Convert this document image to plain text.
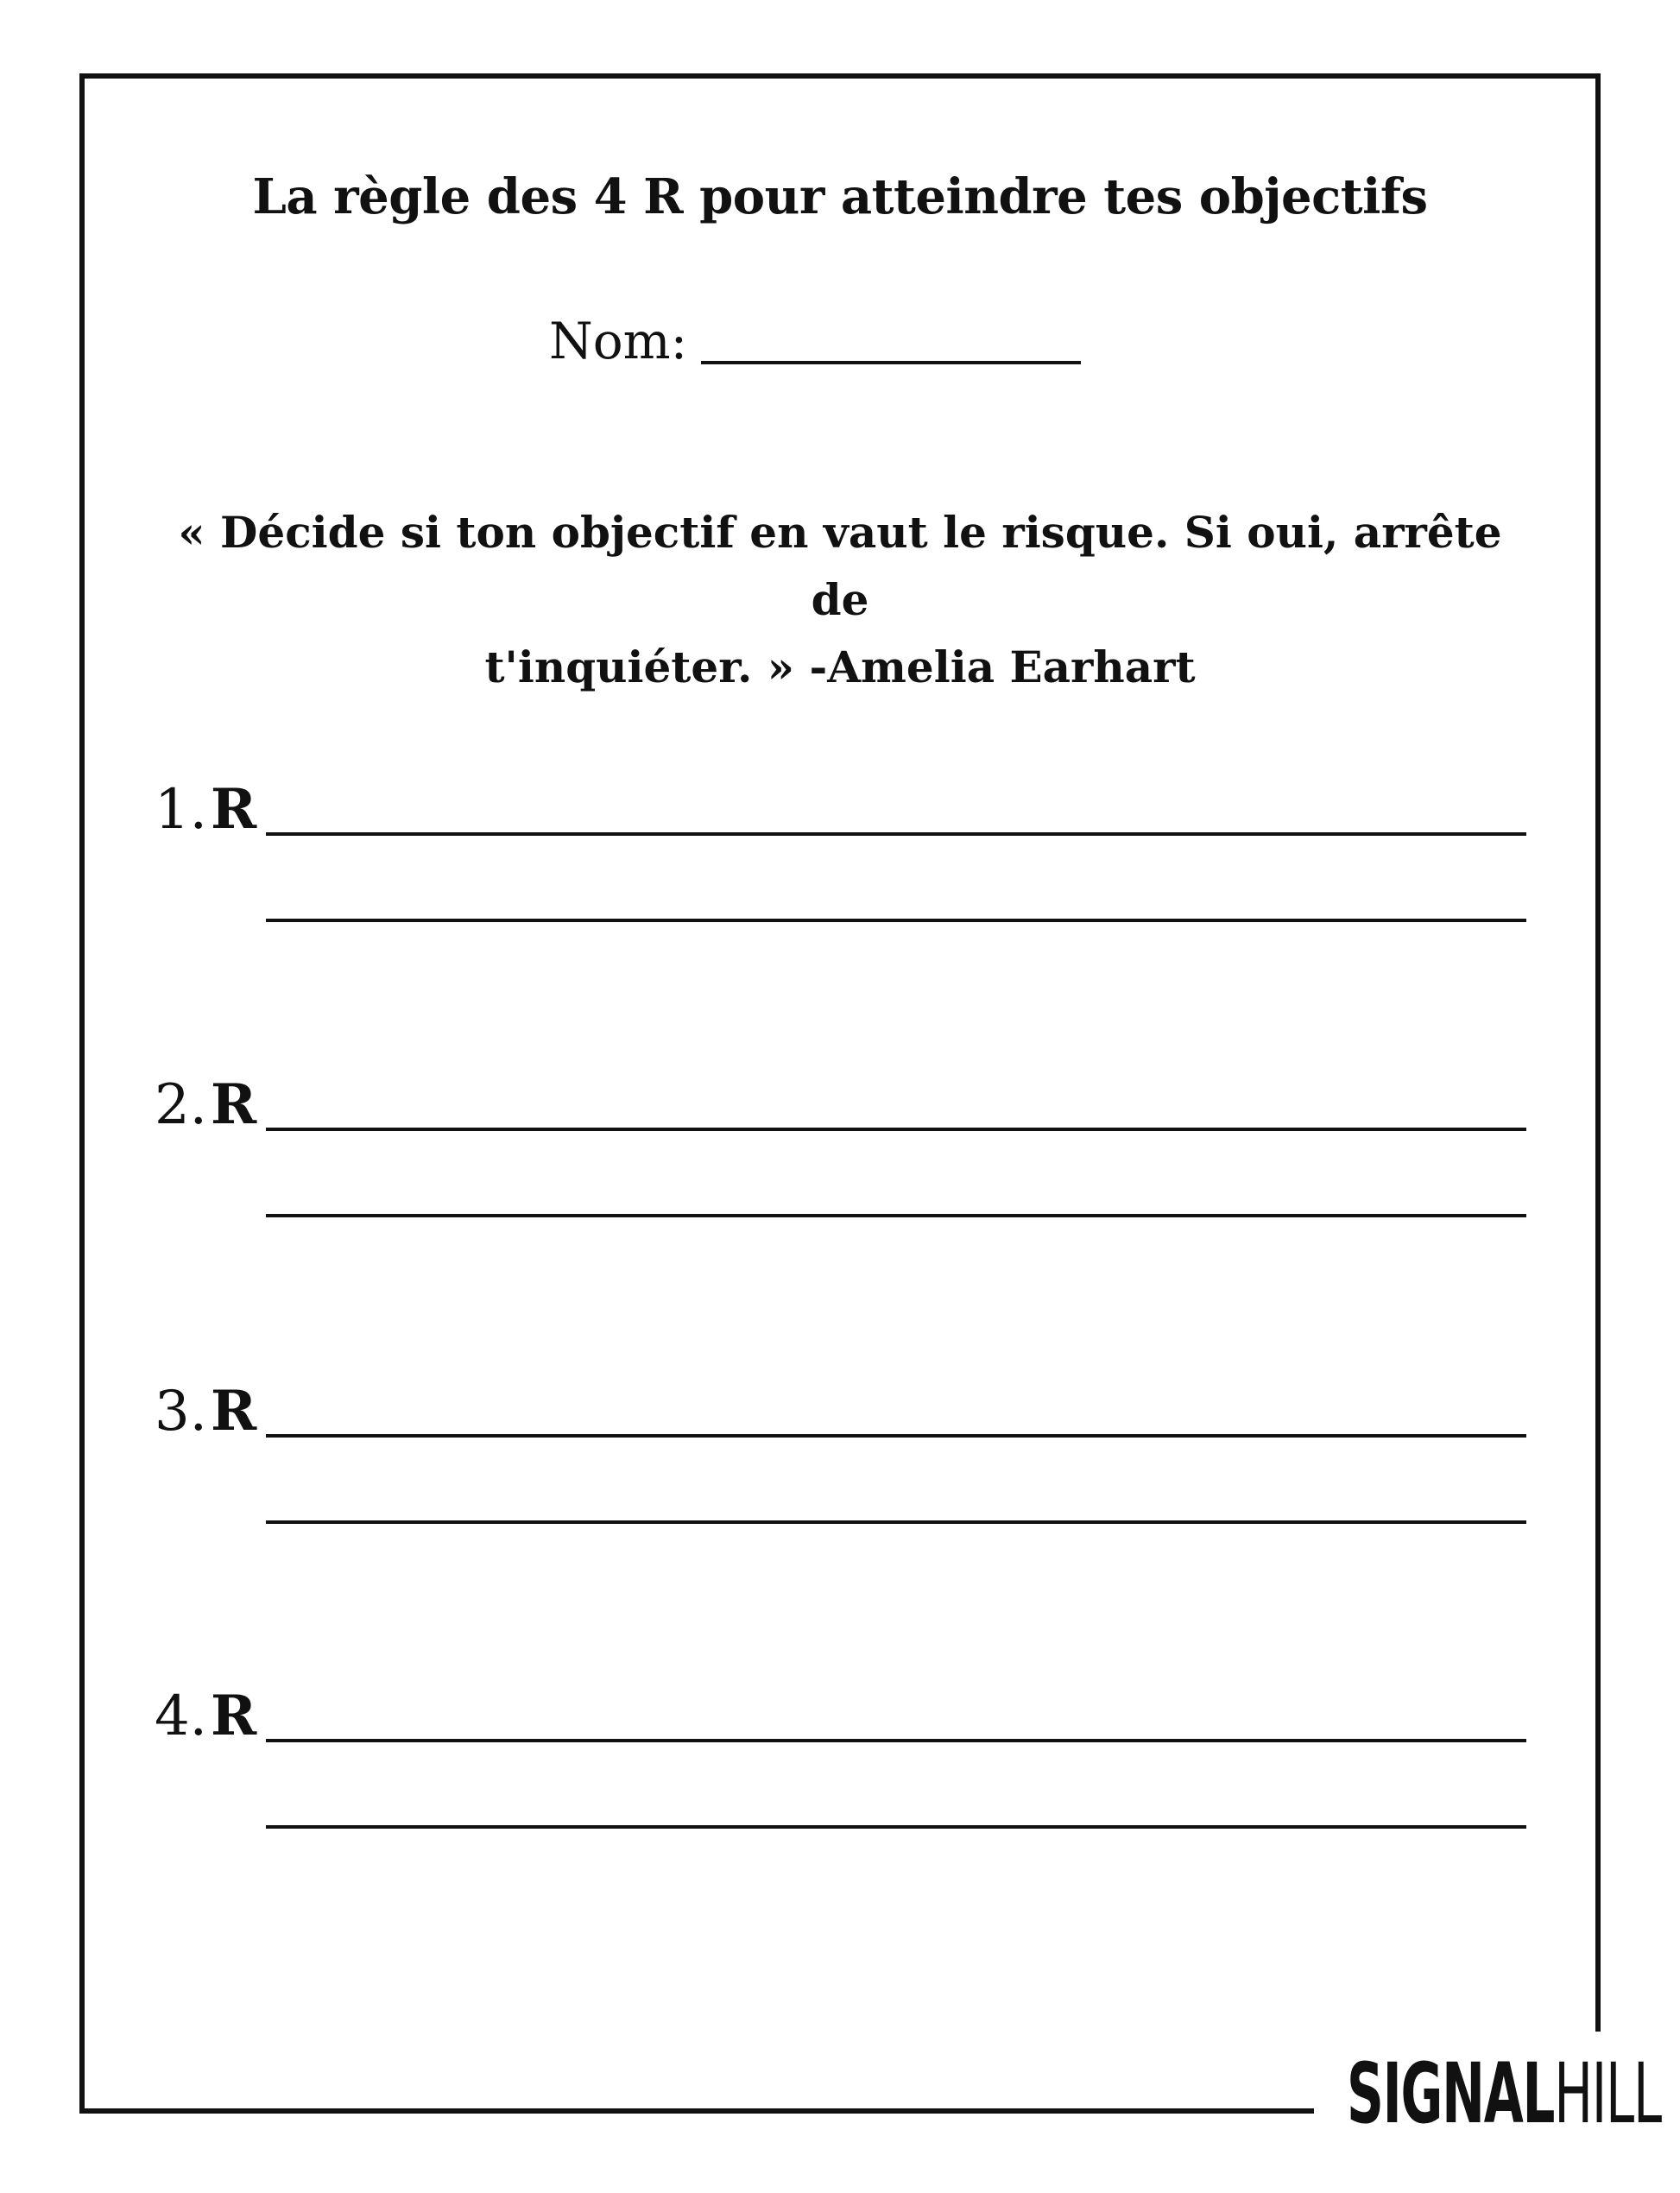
La règle des 4 R pour atteindre tes objectifs
Nom:
« Décide si ton objectif en vaut le risque. Si oui, arrête de
t'inquiéter. » -Amelia Earhart
1. R
2. R
3. R
4. R
SIGNALHILL
